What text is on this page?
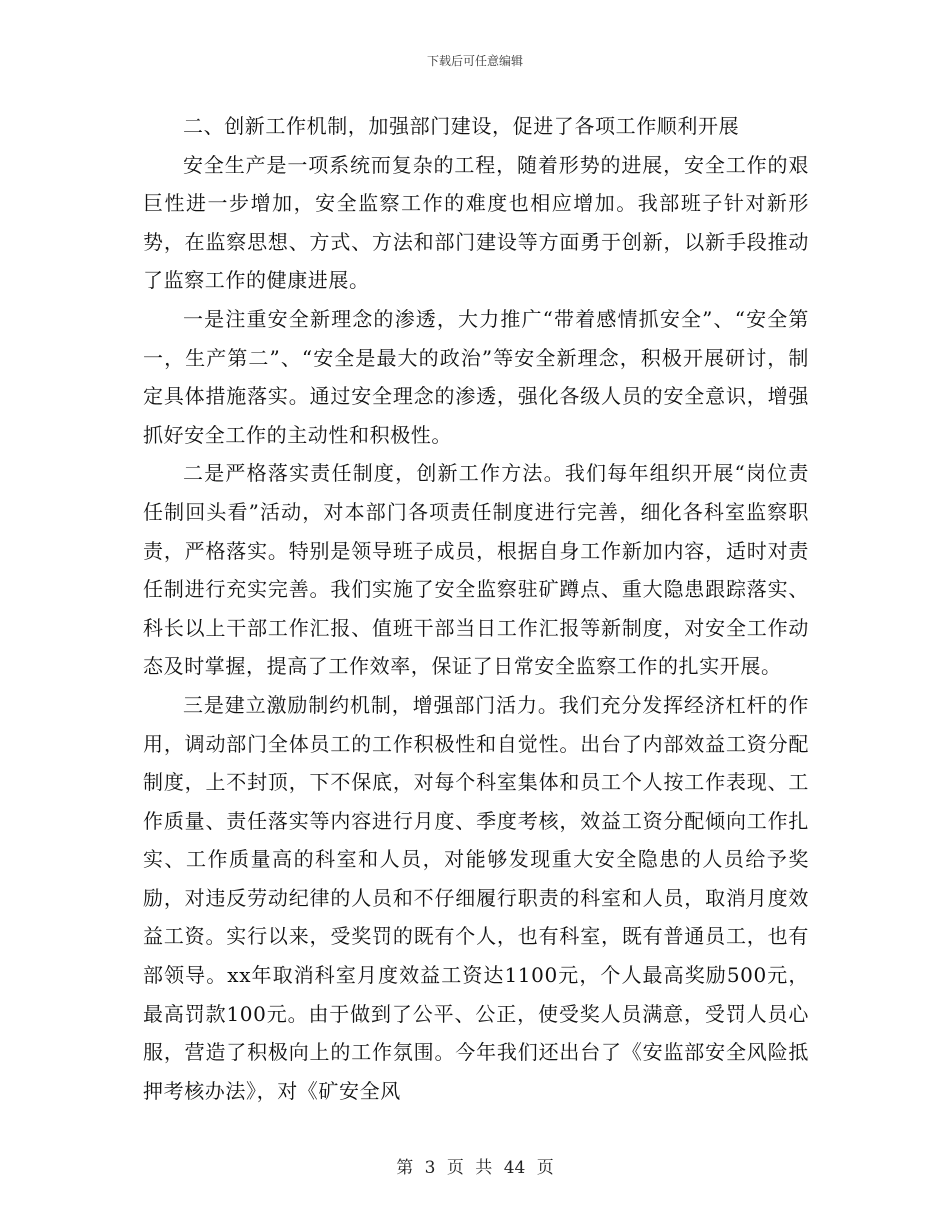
下载后可任意编辑

二、创新工作机制，加强部门建设，促进了各项工作顺利开展

安全生产是一项系统而复杂的工程，随着形势的进展，安全工作的艰巨性进一步增加，安全监察工作的难度也相应增加。我部班子针对新形势，在监察思想、方式、方法和部门建设等方面勇于创新，以新手段推动了监察工作的健康进展。

一是注重安全新理念的渗透，大力推广“带着感情抓安全”、“安全第一，生产第二”、“安全是最大的政治”等安全新理念，积极开展研讨，制定具体措施落实。通过安全理念的渗透，强化各级人员的安全意识，增强抓好安全工作的主动性和积极性。

二是严格落实责任制度，创新工作方法。我们每年组织开展“岗位责任制回头看”活动，对本部门各项责任制度进行完善，细化各科室监察职责，严格落实。特别是领导班子成员，根据自身工作新加内容，适时对责任制进行充实完善。我们实施了安全监察驻矿蹲点、重大隐患跟踪落实、科长以上干部工作汇报、值班干部当日工作汇报等新制度，对安全工作动态及时掌握，提高了工作效率，保证了日常安全监察工作的扎实开展。

三是建立激励制约机制，增强部门活力。我们充分发挥经济杠杆的作用，调动部门全体员工的工作积极性和自觉性。出台了内部效益工资分配制度，上不封顶，下不保底，对每个科室集体和员工个人按工作表现、工作质量、责任落实等内容进行月度、季度考核，效益工资分配倾向工作扎实、工作质量高的科室和人员，对能够发现重大安全隐患的人员给予奖励，对违反劳动纪律的人员和不仔细履行职责的科室和人员，取消月度效益工资。实行以来，受奖罚的既有个人，也有科室，既有普通员工，也有部领导。xx年取消科室月度效益工资达1100元，个人最高奖励500元，最高罚款100元。由于做到了公平、公正，使受奖人员满意，受罚人员心服，营造了积极向上的工作氛围。今年我们还出台了《安监部安全风险抵押考核办法》，对《矿安全风

第 3 页 共 44 页
